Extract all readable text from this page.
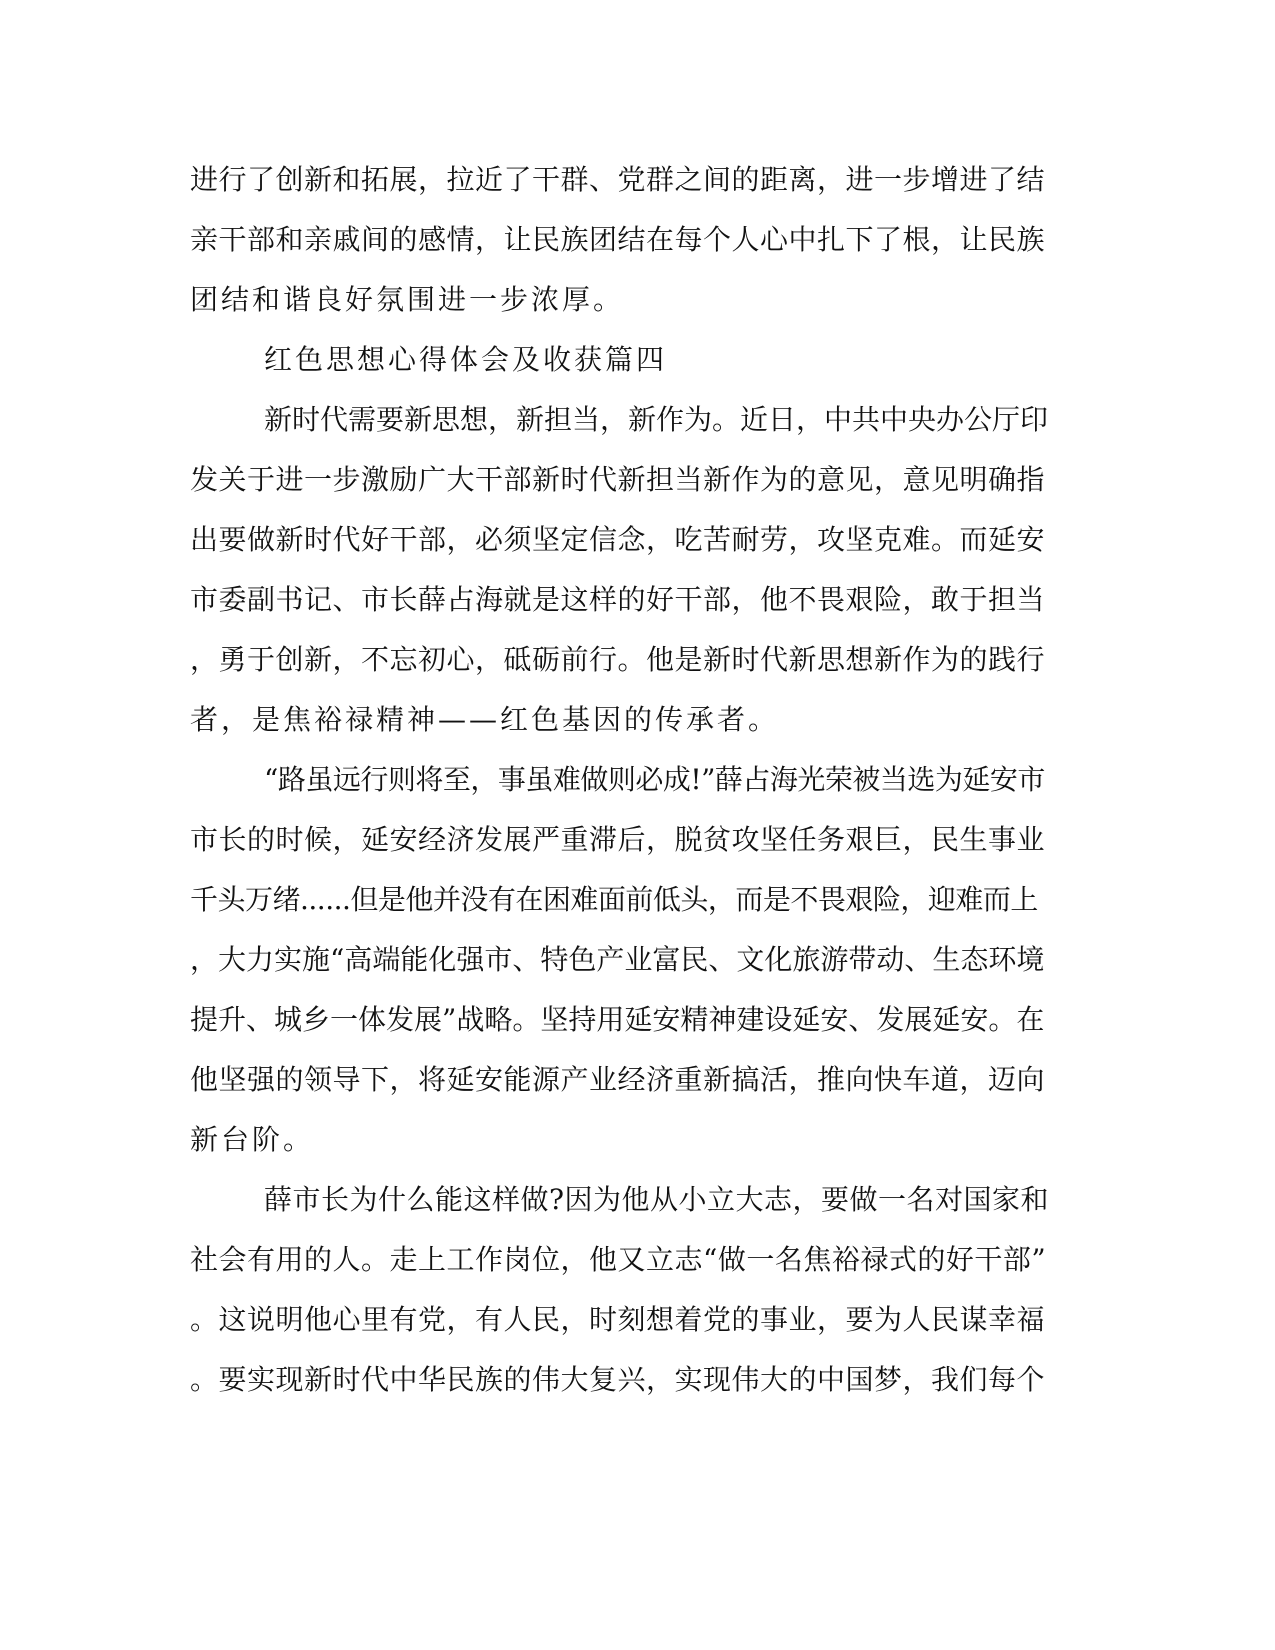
进行了创新和拓展，拉近了干群、党群之间的距离，进一步增进了结
亲干部和亲戚间的感情，让民族团结在每个人心中扎下了根，让民族
团结和谐良好氛围进一步浓厚。
红色思想心得体会及收获篇四
新时代需要新思想，新担当，新作为。近日，中共中央办公厅印
发关于进一步激励广大干部新时代新担当新作为的意见，意见明确指
出要做新时代好干部，必须坚定信念，吃苦耐劳，攻坚克难。而延安
市委副书记、市长薛占海就是这样的好干部，他不畏艰险，敢于担当
，勇于创新，不忘初心，砥砺前行。他是新时代新思想新作为的践行
者，是焦裕禄精神——红色基因的传承者。
“路虽远行则将至，事虽难做则必成!”薛占海光荣被当选为延安市
市长的时候，延安经济发展严重滞后，脱贫攻坚任务艰巨，民生事业
千头万绪......但是他并没有在困难面前低头，而是不畏艰险，迎难而上
，大力实施“高端能化强市、特色产业富民、文化旅游带动、生态环境
提升、城乡一体发展”战略。坚持用延安精神建设延安、发展延安。在
他坚强的领导下，将延安能源产业经济重新搞活，推向快车道，迈向
新台阶。
薛市长为什么能这样做?因为他从小立大志，要做一名对国家和
社会有用的人。走上工作岗位，他又立志“做一名焦裕禄式的好干部”
。这说明他心里有党，有人民，时刻想着党的事业，要为人民谋幸福
。要实现新时代中华民族的伟大复兴，实现伟大的中国梦，我们每个
